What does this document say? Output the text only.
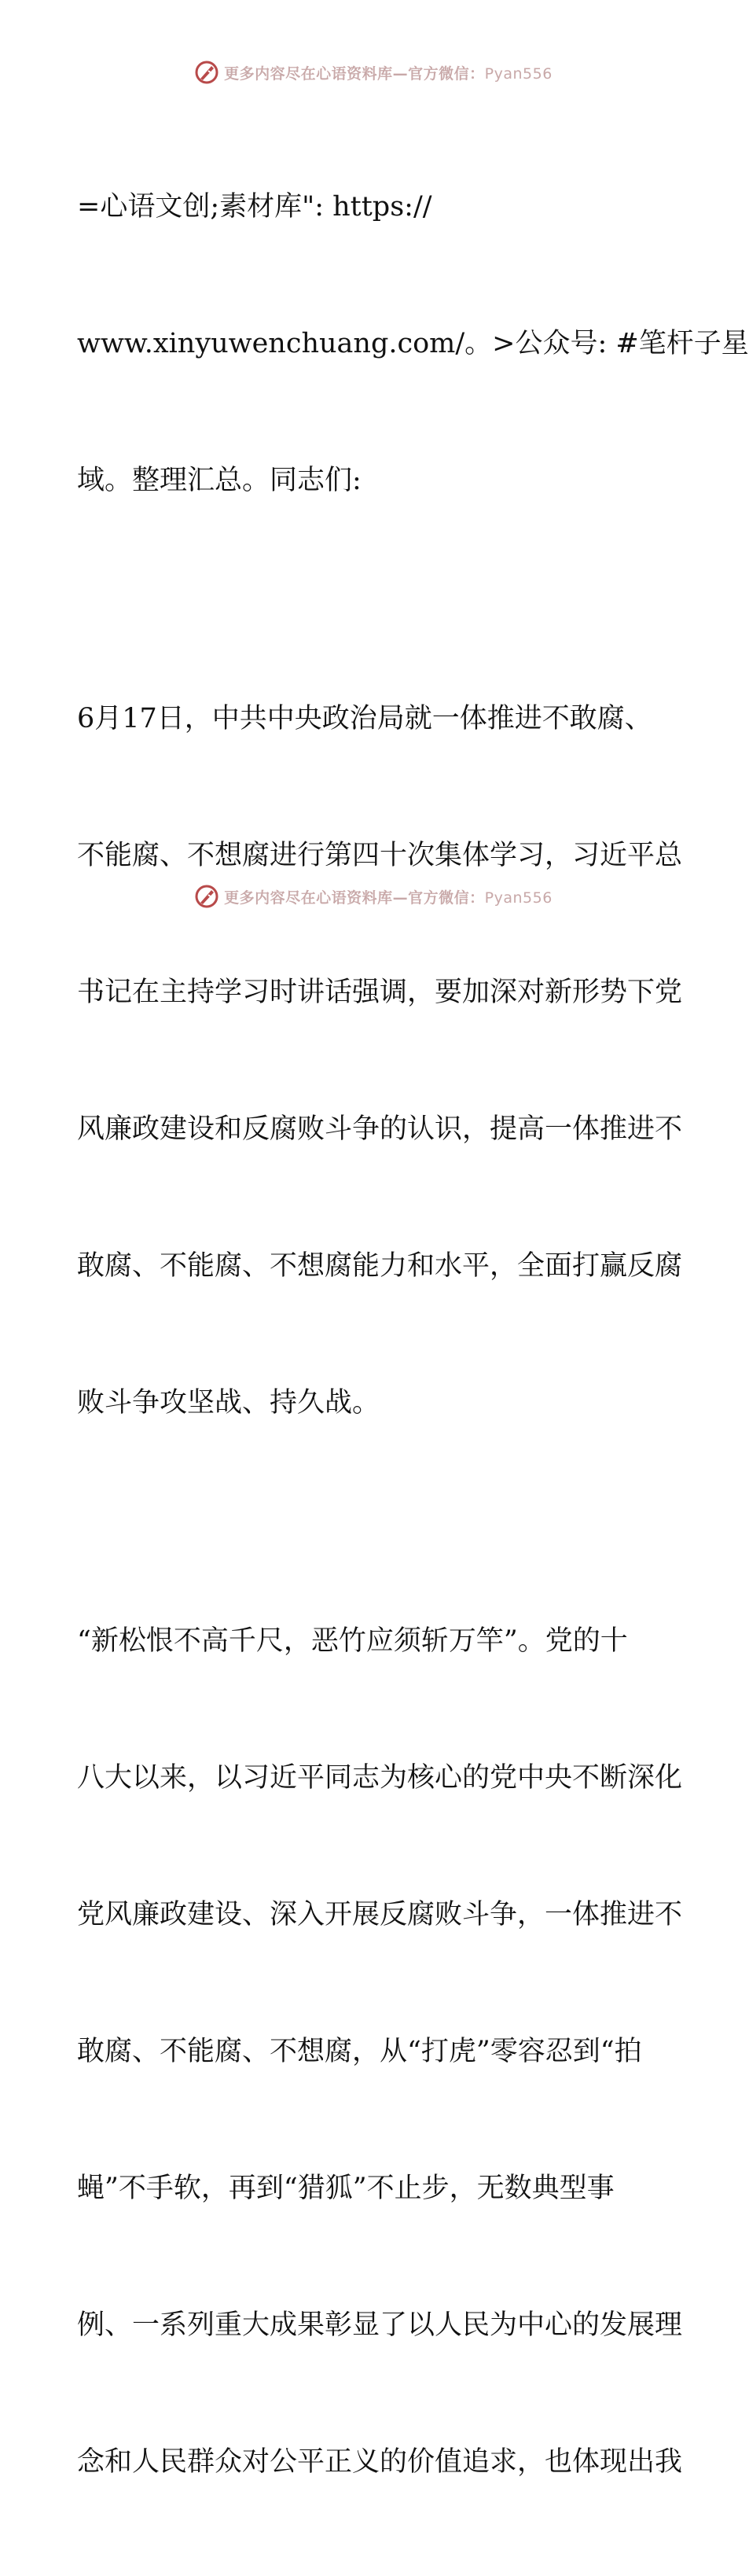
更多内容尽在心语资料库—官方微信：Pyan556

=心语文创;素材库": https://

www.xinyuwenchuang.com/。>公众号: #笔杆子星

域。整理汇总。同志们:

6月17日，中共中央政治局就一体推进不敢腐、

不能腐、不想腐进行第四十次集体学习，习近平总

书记在主持学习时讲话强调，要加深对新形势下党

风廉政建设和反腐败斗争的认识，提高一体推进不

敢腐、不能腐、不想腐能力和水平，全面打赢反腐

败斗争攻坚战、持久战。

“新松恨不高千尺，恶竹应须斩万竿”。党的十

八大以来，以习近平同志为核心的党中央不断深化

党风廉政建设、深入开展反腐败斗争，一体推进不

敢腐、不能腐、不想腐，从“打虎”零容忍到“拍

蝇”不手软，再到“猎狐”不止步，无数典型事

例、一系列重大成果彰显了以人民为中心的发展理

念和人民群众对公平正义的价值追求，也体现出我

更多内容尽在心语资料库—官方微信：Pyan556
